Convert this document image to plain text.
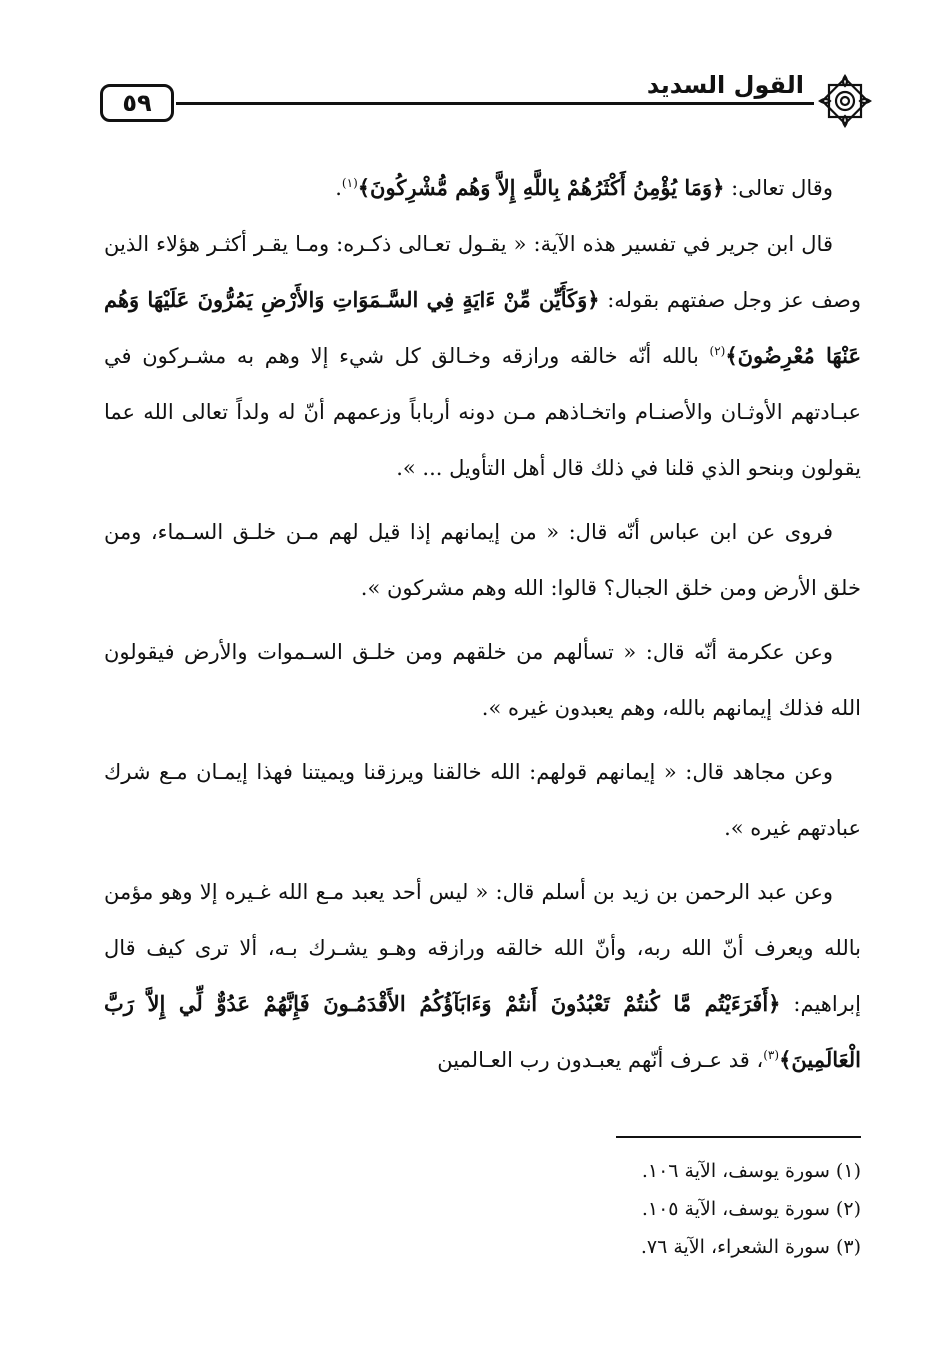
٥٩
القول السديد

وقال تعالى: ﴿وَمَا يُؤْمِنُ أَكْثَرُهُمْ بِاللَّهِ إِلاَّ وَهُم مُّشْرِكُونَ﴾$^{(١)}$.

قال ابن جرير في تفسير هذه الآية: « يقـول تعـالى ذكـره: ومـا يقـر أكثـر هؤلاء الذين وصف عز وجل صفتهم بقوله: ﴿وَكَأَيِّن مِّنْ ءَايَةٍ فِي السَّـمَوَاتِ وَالأَرْضِ يَمُرُّونَ عَلَيْهَا وَهُم عَنْهَا مُعْرِضُونَ﴾$^{(٢)}$ بالله أنّه خالقه ورازقه وخـالق كل شيء إلا وهم به مشـركون في عبـادتهم الأوثـان والأصنـام واتخـاذهم مـن دونه أرباباً وزعمهم أنّ له ولداً تعالى الله عما يقولون وبنحو الذي قلنا في ذلك قال أهل التأويل ... ».

فروى عن ابن عباس أنّه قال: « من إيمانهم إذا قيل لهم مـن خلـق السـماء، ومن خلق الأرض ومن خلق الجبال؟ قالوا: الله وهم مشركون ».

وعن عكرمة أنّه قال: « تسألهم من خلقهم ومن خلـق السـموات والأرض فيقولون الله فذلك إيمانهم بالله، وهم يعبدون غيره ».

وعن مجاهد قال: « إيمانهم قولهم: الله خالقنا ويرزقنا ويميتنا فهذا إيمـان مـع شرك عبادتهم غيره ».

وعن عبد الرحمن بن زيد بن أسلم قال: « ليس أحد يعبد مـع الله غـيره إلا وهو مؤمن بالله ويعرف أنّ الله ربه، وأنّ الله خالقه ورازقه وهـو يشـرك بـه، ألا ترى كيف قال إبراهيم: ﴿أَفَرَءَيْتُم مَّا كُنتُمْ تَعْبُدُونَ أَنتُمْ وَءَابَآؤُكُمُ الأَقْدَمُـونَ فَإِنَّهُمْ عَدُوٌّ لِّي إِلاَّ رَبَّ الْعَالَمِينَ﴾$^{(٣)}$، قد عـرف أنّهم يعبـدون رب العـالمين

(١) سورة يوسف، الآية ١٠٦.

(٢) سورة يوسف، الآية ١٠٥.

(٣) سورة الشعراء، الآية ٧٦.
